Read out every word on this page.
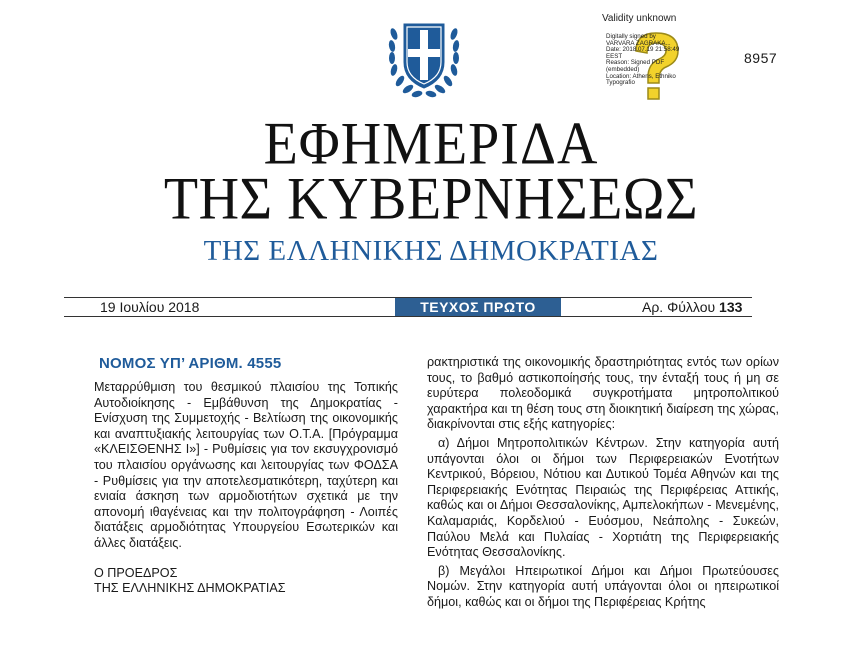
Validity unknown
Digitally signed by
VARVARA ZAGRAKA...
Date: 2018.07.19 21:58:49
EEST
Reason: Signed PDF
(embedded)
Location: Athens, Ethniko
Typografio
8957
ΕΦΗΜΕΡΙΔΑ
ΤΗΣ ΚΥΒΕΡΝΗΣΕΩΣ
ΤΗΣ ΕΛΛΗΝΙΚΗΣ ΔΗΜΟΚΡΑΤΙΑΣ
19 Ιουλίου 2018	ΤΕΥΧΟΣ ΠΡΩΤΟ	Αρ. Φύλλου 133
ΝΟΜΟΣ ΥΠ’ ΑΡΙΘΜ. 4555

Μεταρρύθμιση του θεσμικού πλαισίου της Τοπικής Αυτοδιοίκησης - Εμβάθυνση της Δημοκρατίας - Ενίσχυση της Συμμετοχής - Βελτίωση της οικονομικής και αναπτυξιακής λειτουργίας των Ο.Τ.Α. [Πρόγραμμα «ΚΛΕΙΣΘΕΝΗΣ Ι»] - Ρυθμίσεις για τον εκσυγχρονισμό του πλαισίου οργάνωσης και λειτουργίας των ΦΟΔΣΑ - Ρυθμίσεις για την αποτελεσματικότερη, ταχύτερη και ενιαία άσκηση των αρμοδιοτήτων σχετικά με την απονομή ιθαγένειας και την πολιτογράφηση - Λοιπές διατάξεις αρμοδιότητας Υπουργείου Εσωτερικών και άλλες διατάξεις.

Ο ΠΡΟΕΔΡΟΣ
ΤΗΣ ΕΛΛΗΝΙΚΗΣ ΔΗΜΟΚΡΑΤΙΑΣ

ρακτηριστικά της οικονομικής δραστηριότητας εντός των ορίων τους, το βαθμό αστικοποίησής τους, την ένταξή τους ή μη σε ευρύτερα πολεοδομικά συγκροτήματα μητροπολιτικού χαρακτήρα και τη θέση τους στη διοικητική διαίρεση της χώρας, διακρίνονται στις εξής κατηγορίες:

α) Δήμοι Μητροπολιτικών Κέντρων. Στην κατηγορία αυτή υπάγονται όλοι οι δήμοι των Περιφερειακών Ενοτήτων Κεντρικού, Βόρειου, Νότιου και Δυτικού Τομέα Αθηνών και της Περιφερειακής Ενότητας Πειραιώς της Περιφέρειας Αττικής, καθώς και οι Δήμοι Θεσσαλονίκης, Αμπελοκήπων - Μενεμένης, Καλαμαριάς, Κορδελιού - Ευόσμου, Νεάπολης - Συκεών, Παύλου Μελά και Πυλαίας - Χορτιάτη της Περιφερειακής Ενότητας Θεσσαλονίκης.

β) Μεγάλοι Ηπειρωτικοί Δήμοι και Δήμοι Πρωτεύουσες Νομών. Στην κατηγορία αυτή υπάγονται όλοι οι ηπειρωτικοί δήμοι, καθώς και οι δήμοι της Περιφέρειας Κρήτης
